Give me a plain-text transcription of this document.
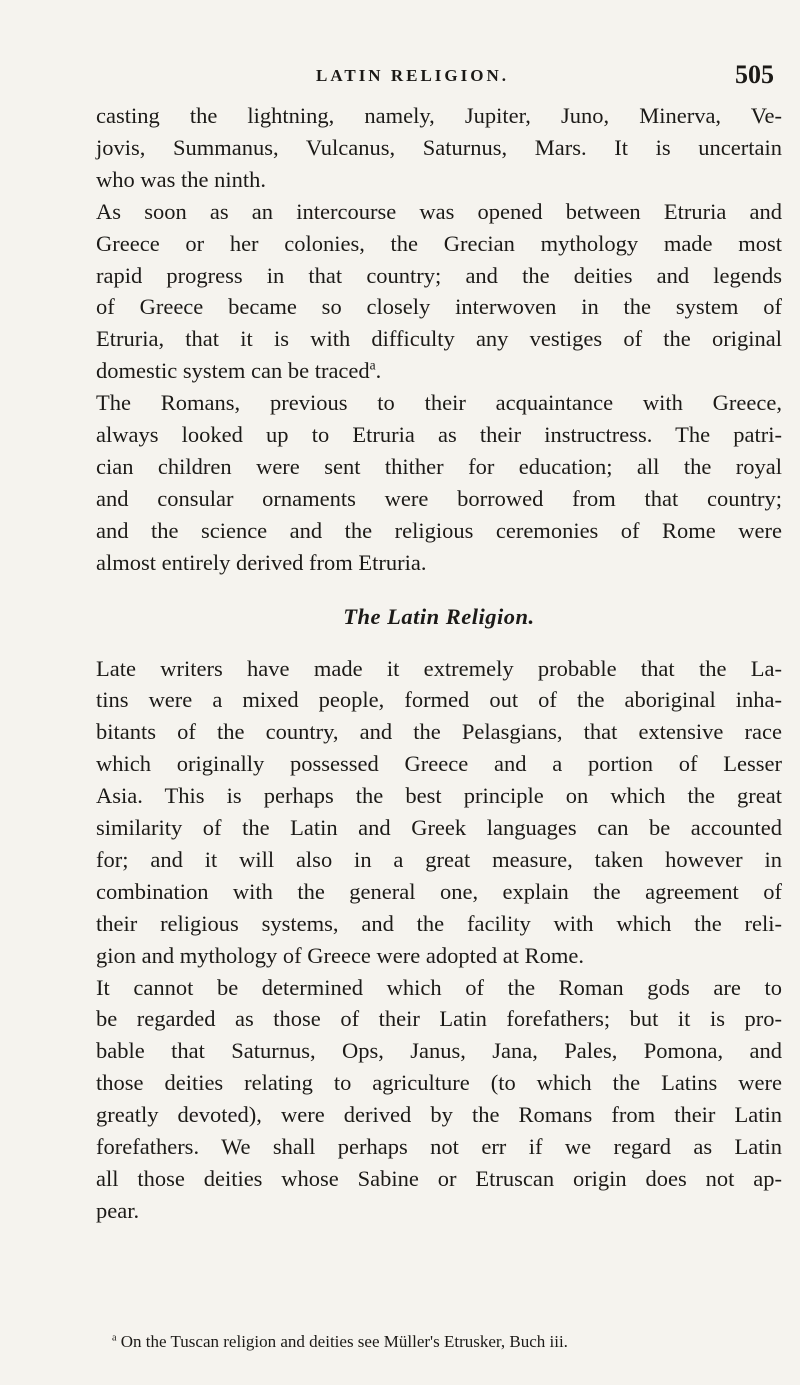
LATIN RELIGION.	505
casting the lightning, namely, Jupiter, Juno, Minerva, Ve-
jovis, Summanus, Vulcanus, Saturnus, Mars. It is uncertain
who was the ninth.
As soon as an intercourse was opened between Etruria and
Greece or her colonies, the Grecian mythology made most
rapid progress in that country; and the deities and legends
of Greece became so closely interwoven in the system of
Etruria, that it is with difficulty any vestiges of the original
domestic system can be traced$^a$.
The Romans, previous to their acquaintance with Greece,
always looked up to Etruria as their instructress. The patri-
cian children were sent thither for education; all the royal
and consular ornaments were borrowed from that country;
and the science and the religious ceremonies of Rome were
almost entirely derived from Etruria.
The Latin Religion.
Late writers have made it extremely probable that the La-
tins were a mixed people, formed out of the aboriginal inha-
bitants of the country, and the Pelasgians, that extensive race
which originally possessed Greece and a portion of Lesser
Asia. This is perhaps the best principle on which the great
similarity of the Latin and Greek languages can be accounted
for; and it will also in a great measure, taken however in
combination with the general one, explain the agreement of
their religious systems, and the facility with which the reli-
gion and mythology of Greece were adopted at Rome.
It cannot be determined which of the Roman gods are to
be regarded as those of their Latin forefathers; but it is pro-
bable that Saturnus, Ops, Janus, Jana, Pales, Pomona, and
those deities relating to agriculture (to which the Latins were
greatly devoted), were derived by the Romans from their Latin
forefathers. We shall perhaps not err if we regard as Latin
all those deities whose Sabine or Etruscan origin does not ap-
pear.
$^a$ On the Tuscan religion and deities see Müller's Etrusker, Buch iii.
